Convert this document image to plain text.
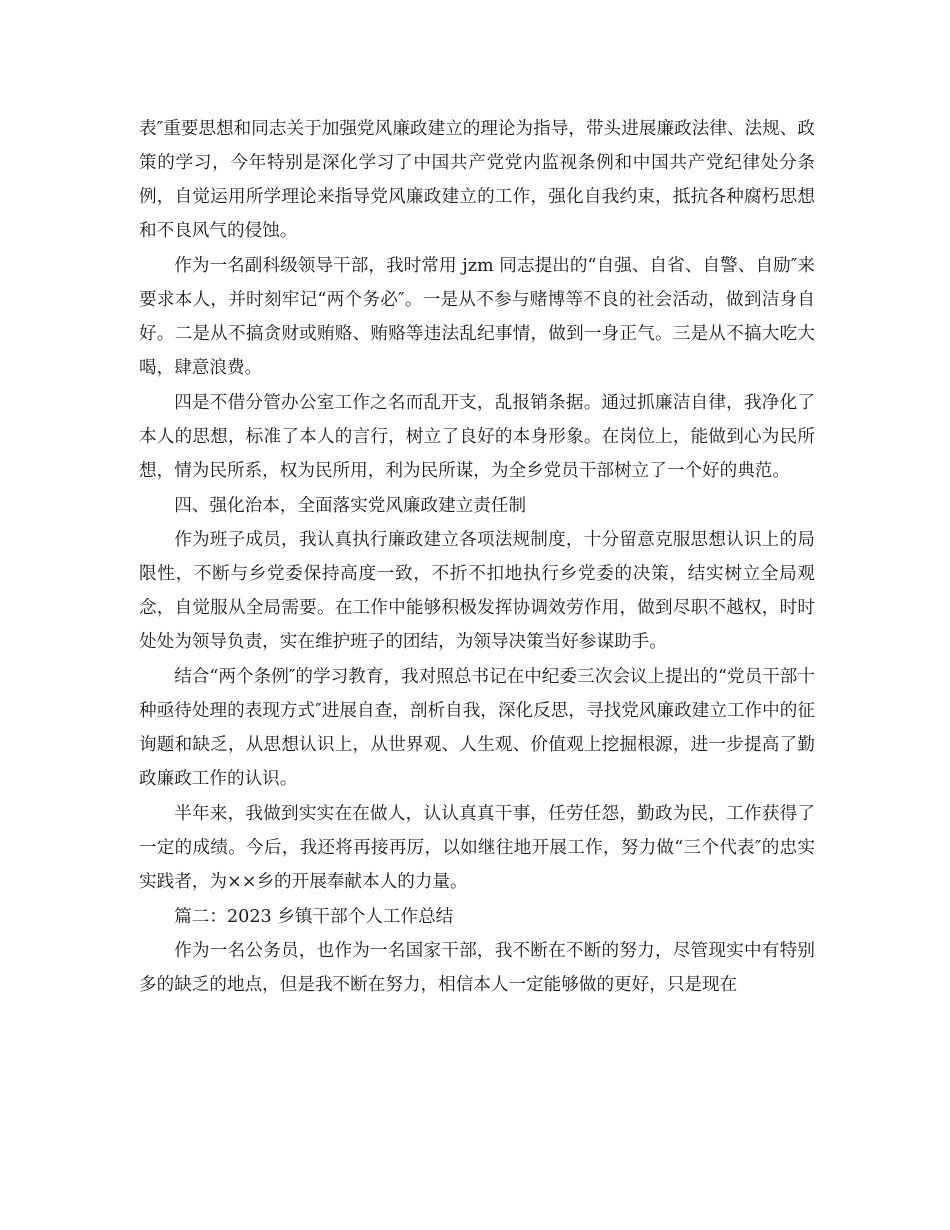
表″重要思想和同志关于加强党风廉政建立的理论为指导，带头进展廉政法律、法规、政策的学习，今年特别是深化学习了中国共产党党内监视条例和中国共产党纪律处分条例，自觉运用所学理论来指导党风廉政建立的工作，强化自我约束，抵抗各种腐朽思想和不良风气的侵蚀。

作为一名副科级领导干部，我时常用 jzm 同志提出的“自强、自省、自警、自励″来要求本人，并时刻牢记“两个务必″。一是从不参与赌博等不良的社会活动，做到洁身自好。二是从不搞贪财或贿赂、贿赂等违法乱纪事情，做到一身正气。三是从不搞大吃大喝，肆意浪费。

四是不借分管办公室工作之名而乱开支，乱报销条据。通过抓廉洁自律，我净化了本人的思想，标准了本人的言行，树立了良好的本身形象。在岗位上，能做到心为民所想，情为民所系，权为民所用，利为民所谋，为全乡党员干部树立了一个好的典范。

四、强化治本，全面落实党风廉政建立责任制

作为班子成员，我认真执行廉政建立各项法规制度，十分留意克服思想认识上的局限性，不断与乡党委保持高度一致，不折不扣地执行乡党委的决策，结实树立全局观念，自觉服从全局需要。在工作中能够积极发挥协调效劳作用，做到尽职不越权，时时处处为领导负责，实在维护班子的团结，为领导决策当好参谋助手。

结合“两个条例″的学习教育，我对照总书记在中纪委三次会议上提出的“党员干部十种亟待处理的表现方式″进展自查，剖析自我，深化反思，寻找党风廉政建立工作中的征询题和缺乏，从思想认识上，从世界观、人生观、价值观上挖掘根源，进一步提高了勤政廉政工作的认识。

半年来，我做到实实在在做人，认认真真干事，任劳任怨，勤政为民，工作获得了一定的成绩。今后，我还将再接再厉，以如继往地开展工作，努力做“三个代表″的忠实实践者，为××乡的开展奉献本人的力量。

篇二：2023 乡镇干部个人工作总结

作为一名公务员，也作为一名国家干部，我不断在不断的努力，尽管现实中有特别多的缺乏的地点，但是我不断在努力，相信本人一定能够做的更好，只是现在
